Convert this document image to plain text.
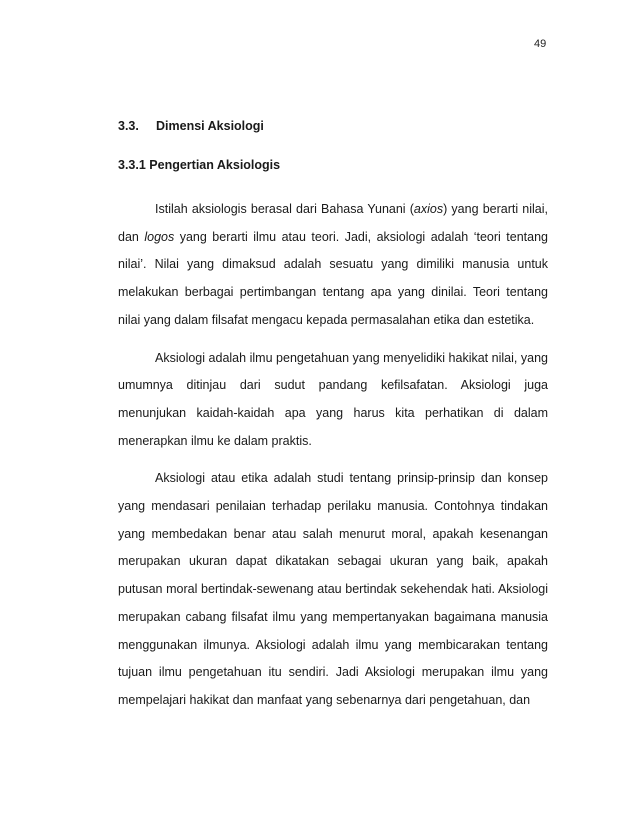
49
3.3. Dimensi Aksiologi
3.3.1 Pengertian Aksiologis

Istilah aksiologis berasal dari Bahasa Yunani (axios) yang berarti nilai, dan logos yang berarti ilmu atau teori. Jadi, aksiologi adalah ‘teori tentang nilai’. Nilai yang dimaksud adalah sesuatu yang dimiliki manusia untuk melakukan berbagai pertimbangan tentang apa yang dinilai. Teori tentang nilai yang dalam filsafat mengacu kepada permasalahan etika dan estetika.

Aksiologi adalah ilmu pengetahuan yang menyelidiki hakikat nilai, yang umumnya ditinjau dari sudut pandang kefilsafatan. Aksiologi juga menunjukan kaidah-kaidah apa yang harus kita perhatikan di dalam menerapkan ilmu ke dalam praktis.

Aksiologi atau etika adalah studi tentang prinsip-prinsip dan konsep yang mendasari penilaian terhadap perilaku manusia. Contohnya tindakan yang membedakan benar atau salah menurut moral, apakah kesenangan merupakan ukuran dapat dikatakan sebagai ukuran yang baik, apakah putusan moral bertindak-sewenang atau bertindak sekehendak hati. Aksiologi merupakan cabang filsafat ilmu yang mempertanyakan bagaimana manusia menggunakan ilmunya. Aksiologi adalah ilmu yang membicarakan tentang tujuan ilmu pengetahuan itu sendiri. Jadi Aksiologi merupakan ilmu yang mempelajari hakikat dan manfaat yang sebenarnya dari pengetahuan, dan
